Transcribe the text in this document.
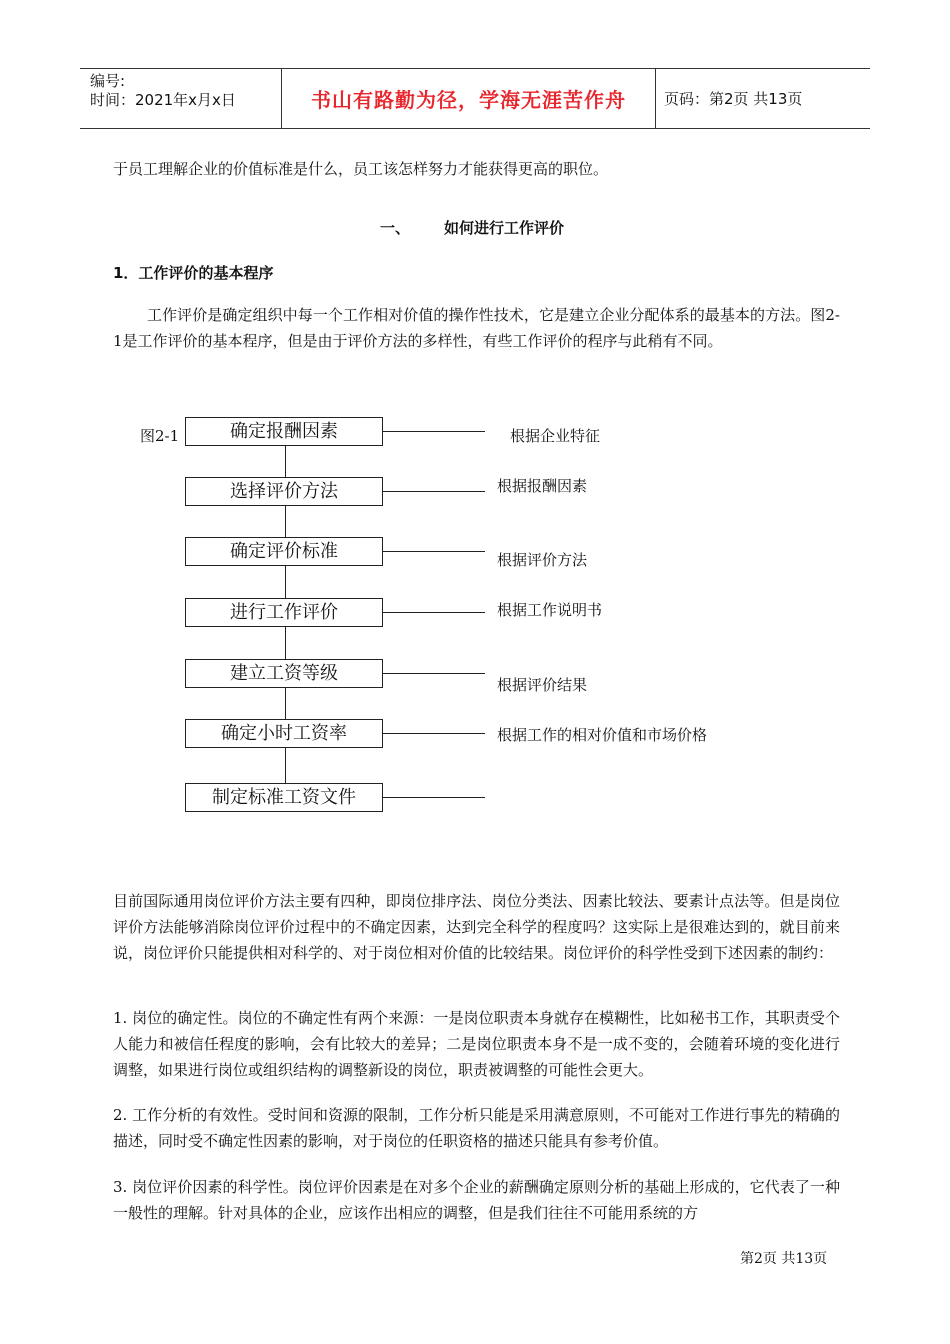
编号:
时间：2021年x月x日	书山有路勤为径，学海无涯苦作舟	页码：第2页 共13页
于员工理解企业的价值标准是什么，员工该怎样努力才能获得更高的职位。
一、 如何进行工作评价
1．工作评价的基本程序
工作评价是确定组织中每一个工作相对价值的操作性技术，它是建立企业分配体系的最基本的方法。图2-1是工作评价的基本程序，但是由于评价方法的多样性，有些工作评价的程序与此稍有不同。
图2-1	确定报酬因素
选择评价方法
确定评价标准
进行工作评价
建立工资等级
确定小时工资率
制定标准工资文件
根据企业特征
根据报酬因素
根据评价方法
根据工作说明书
根据评价结果
根据工作的相对价值和市场价格
目前国际通用岗位评价方法主要有四种，即岗位排序法、岗位分类法、因素比较法、要素计点法等。但是岗位评价方法能够消除岗位评价过程中的不确定因素，达到完全科学的程度吗？这实际上是很难达到的，就目前来说，岗位评价只能提供相对科学的、对于岗位相对价值的比较结果。岗位评价的科学性受到下述因素的制约：
1. 岗位的确定性。岗位的不确定性有两个来源：一是岗位职责本身就存在模糊性，比如秘书工作，其职责受个人能力和被信任程度的影响，会有比较大的差异；二是岗位职责本身不是一成不变的，会随着环境的变化进行调整，如果进行岗位或组织结构的调整新设的岗位，职责被调整的可能性会更大。
2. 工作分析的有效性。受时间和资源的限制，工作分析只能是采用满意原则，不可能对工作进行事先的精确的描述，同时受不确定性因素的影响，对于岗位的任职资格的描述只能具有参考价值。
3. 岗位评价因素的科学性。岗位评价因素是在对多个企业的薪酬确定原则分析的基础上形成的，它代表了一种一般性的理解。针对具体的企业，应该作出相应的调整，但是我们往往不可能用系统的方
第2页 共13页
